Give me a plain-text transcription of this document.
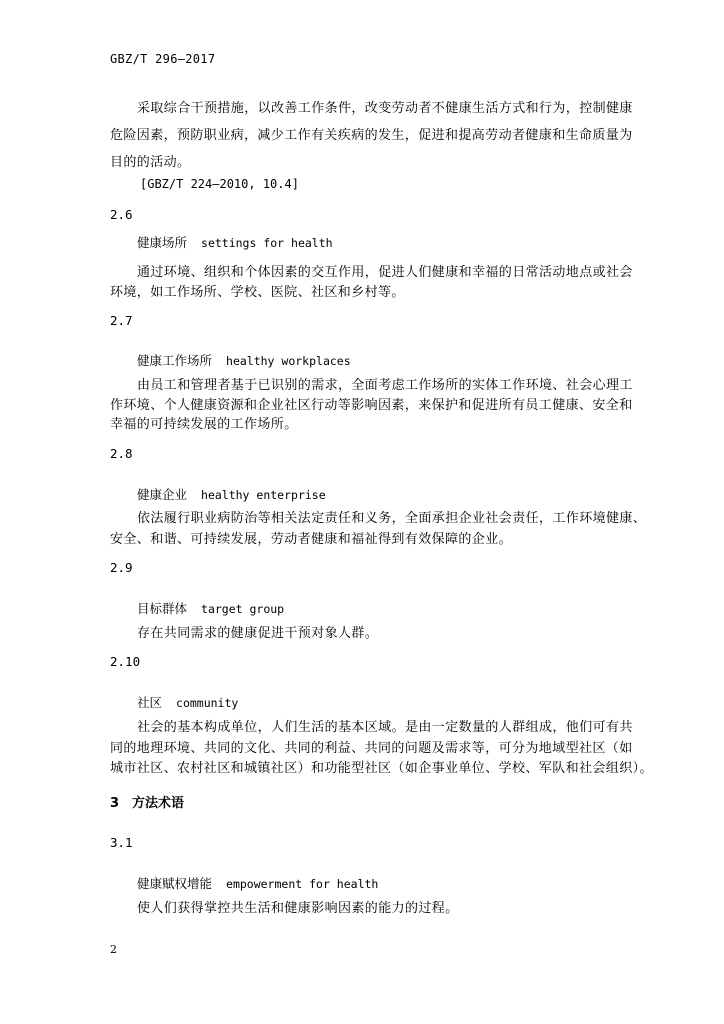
GBZ/T 296—2017
采取综合干预措施，以改善工作条件，改变劳动者不健康生活方式和行为，控制健康
危险因素，预防职业病，减少工作有关疾病的发生，促进和提高劳动者健康和生命质量为
目的的活动。
[GBZ/T 224—2010, 10.4]
2.6
健康场所 settings for health
通过环境、组织和个体因素的交互作用，促进人们健康和幸福的日常活动地点或社会
环境，如工作场所、学校、医院、社区和乡村等。
2.7
健康工作场所 healthy workplaces
由员工和管理者基于已识别的需求，全面考虑工作场所的实体工作环境、社会心理工
作环境、个人健康资源和企业社区行动等影响因素，来保护和促进所有员工健康、安全和
幸福的可持续发展的工作场所。
2.8
健康企业 healthy enterprise
依法履行职业病防治等相关法定责任和义务，全面承担企业社会责任，工作环境健康、
安全、和谐、可持续发展，劳动者健康和福祉得到有效保障的企业。
2.9
目标群体 target group
存在共同需求的健康促进干预对象人群。
2.10
社区 community
社会的基本构成单位，人们生活的基本区域。是由一定数量的人群组成，他们可有共
同的地理环境、共同的文化、共同的利益、共同的问题及需求等，可分为地域型社区（如
城市社区、农村社区和城镇社区）和功能型社区（如企事业单位、学校、军队和社会组织）。
3　方法术语
3.1
健康赋权增能 empowerment for health
使人们获得掌控共生活和健康影响因素的能力的过程。
2
